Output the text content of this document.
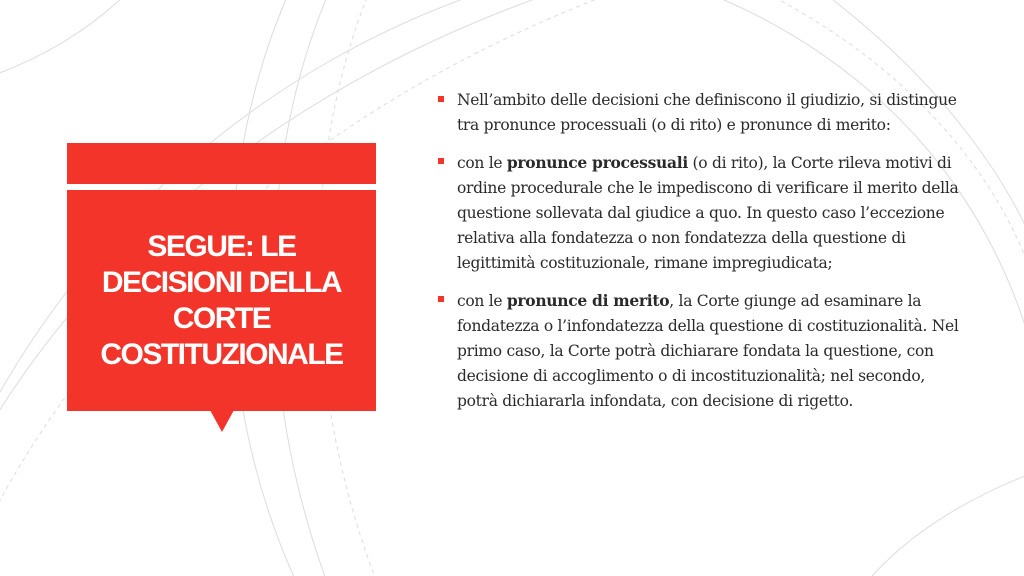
SEGUE: LE
DECISIONI DELLA
CORTE
COSTITUZIONALE
Nell’ambito delle decisioni che definiscono il giudizio, si distingue tra pronunce processuali (o di rito) e pronunce di merito:
con le pronunce processuali (o di rito), la Corte rileva motivi di ordine procedurale che le impediscono di verificare il merito della questione sollevata dal giudice a quo. In questo caso l’eccezione relativa alla fondatezza o non fondatezza della questione di legittimità costituzionale, rimane impregiudicata;
con le pronunce di merito, la Corte giunge ad esaminare la fondatezza o l’infondatezza della questione di costituzionalità. Nel primo caso, la Corte potrà dichiarare fondata la questione, con decisione di accoglimento o di incostituzionalità; nel secondo, potrà dichiararla infondata, con decisione di rigetto.
